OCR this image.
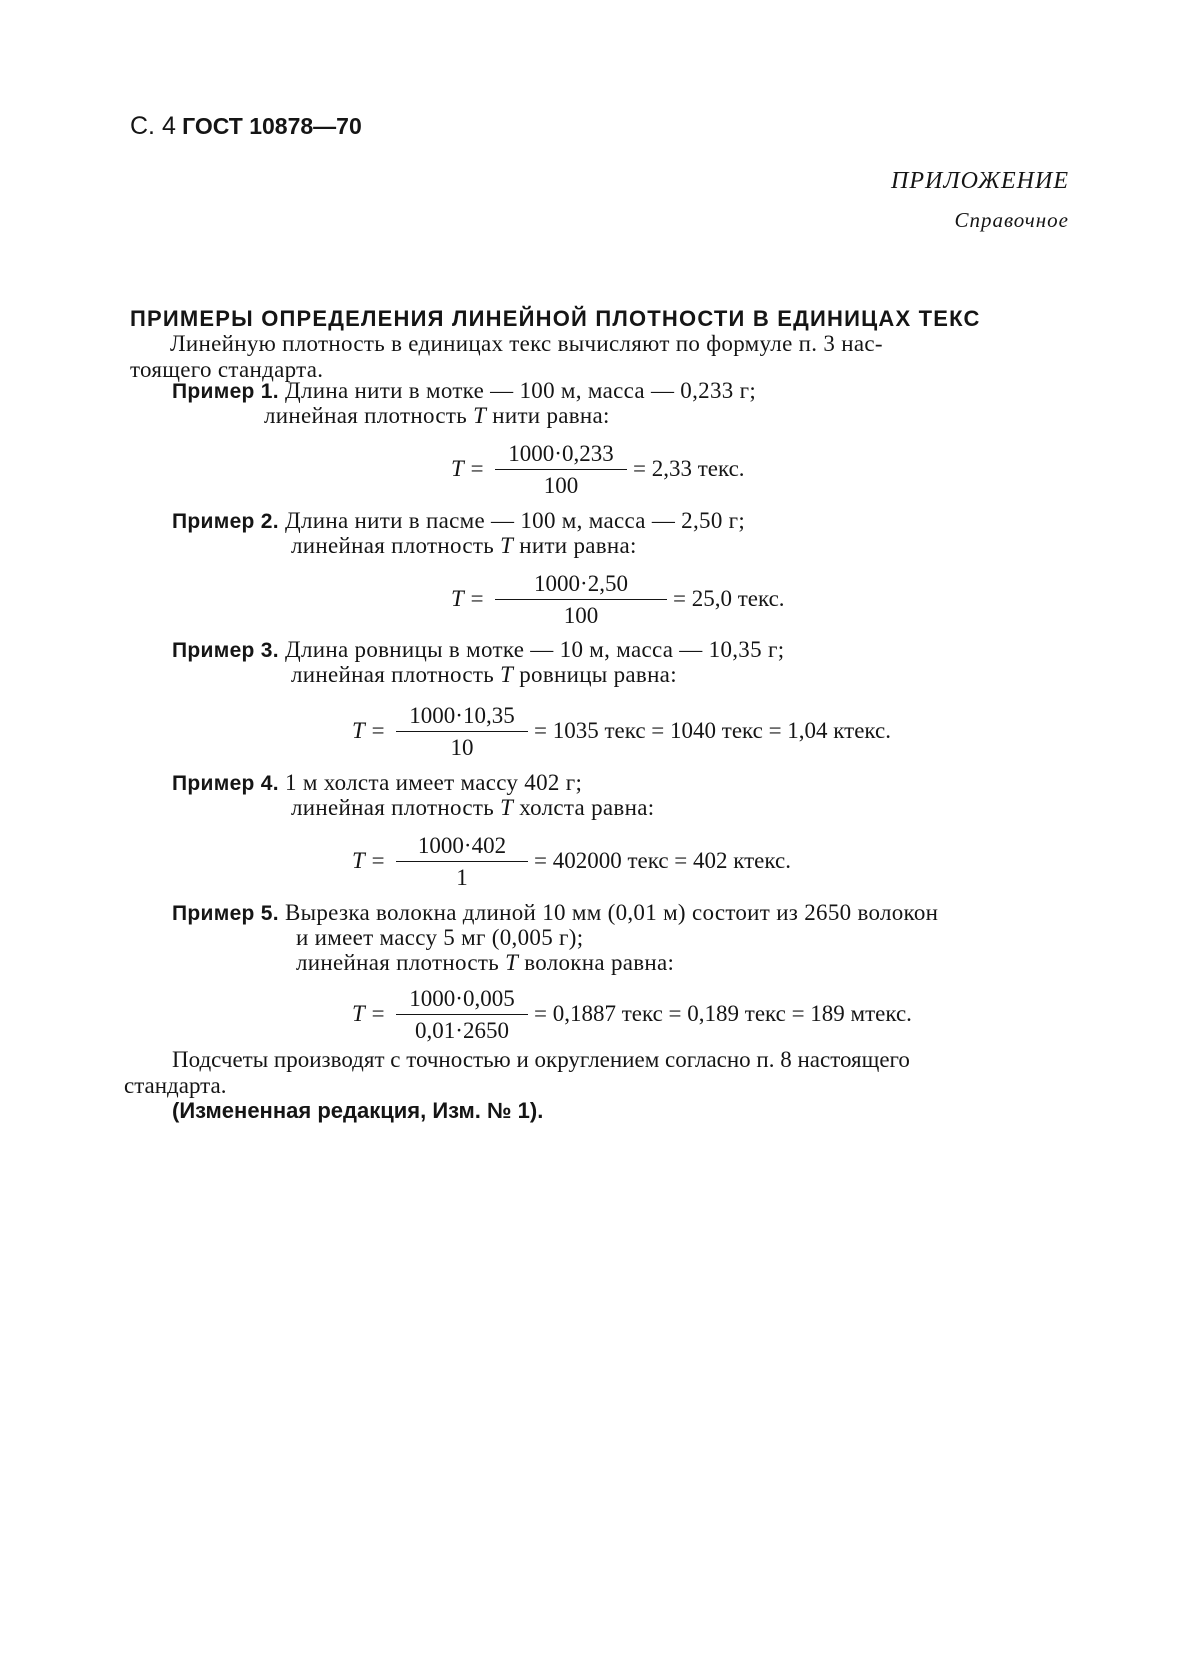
С. 4 ГОСТ 10878—70
ПРИЛОЖЕНИЕ
Справочное
ПРИМЕРЫ ОПРЕДЕЛЕНИЯ ЛИНЕЙНОЙ ПЛОТНОСТИ В ЕДИНИЦАХ ТЕКС
Линейную плотность в единицах текс вычисляют по формуле п. 3 нас-
тоящего стандарта.
Пример 1. Длина нити в мотке — 100 м, масса — 0,233 г;
линейная плотность T нити равна:
T =
1000·0,233
100
= 2,33 текс.
Пример 2. Длина нити в пасме — 100 м, масса — 2,50 г;
линейная плотность T нити равна:
T =
1000·2,50
100
= 25,0 текс.
Пример 3. Длина ровницы в мотке — 10 м, масса — 10,35 г;
линейная плотность T ровницы равна:
T =
1000·10,35
10
= 1035 текс = 1040 текс = 1,04 ктекс.
Пример 4. 1 м холста имеет массу 402 г;
линейная плотность T холста равна:
T =
1000·402
1
= 402000 текс = 402 ктекс.
Пример 5. Вырезка волокна длиной 10 мм (0,01 м) состоит из 2650 волокон
и имеет массу 5 мг (0,005 г);
линейная плотность T волокна равна:
T =
1000·0,005
0,01·2650
= 0,1887 текс = 0,189 текс = 189 мтекс.
Подсчеты производят с точностью и округлением согласно п. 8 настоящего
стандарта.
(Измененная редакция, Изм. № 1).
